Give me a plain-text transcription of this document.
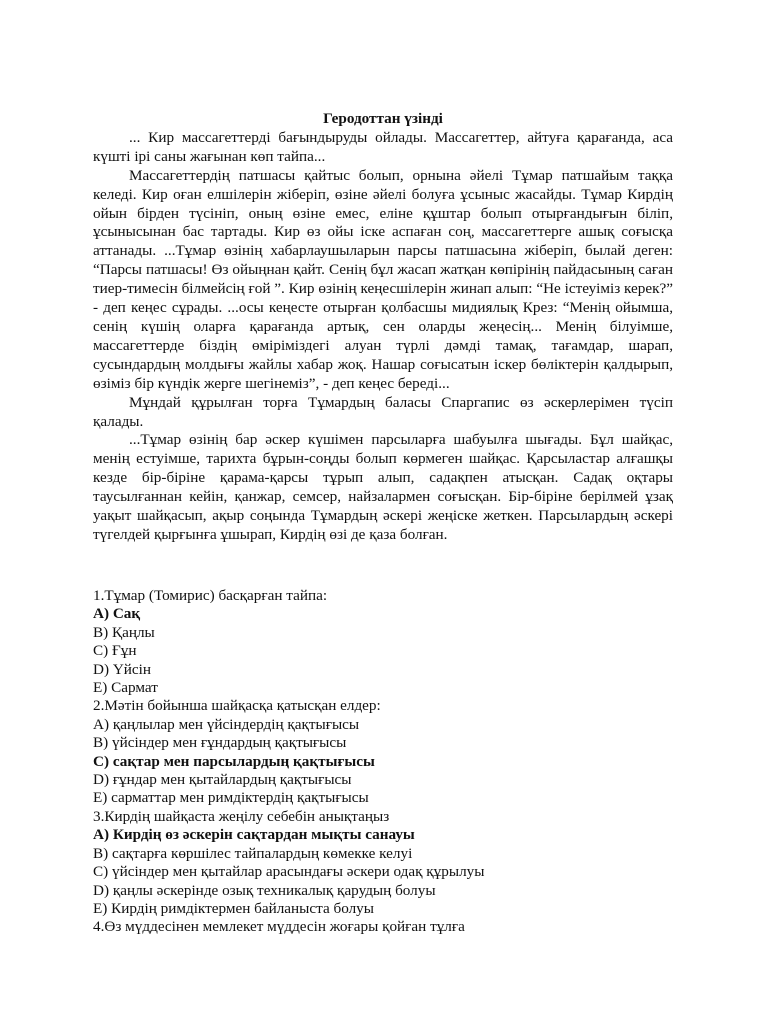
Геродоттан үзінді

... Кир массагеттерді бағындыруды ойлады. Массагеттер, айтуға қарағанда, аса күшті ірі саны жағынан көп тайпа...

Массагеттердің патшасы қайтыс болып, орнына әйелі Тұмар патшайым таққа келеді. Кир оған елшілерін жіберіп, өзіне әйелі болуға ұсыныс жасайды. Тұмар Кирдің ойын бірден түсініп, оның өзіне емес, еліне құштар болып отырғандығын біліп, ұсынысынан бас тартады. Кир өз ойы іске аспаған соң, массагеттерге ашық соғысқа аттанады. ...Тұмар өзінің хабарлаушыларын парсы патшасына жіберіп, былай деген: “Парсы патшасы! Өз ойыңнан қайт. Сенің бұл жасап жатқан көпірінің пайдасының саған тиер-тимесін білмейсің ғой ”. Кир өзінің кеңесшілерін жинап алып: “Не істеуіміз керек?” - деп кеңес сұрады. ...осы кеңесте отырған қолбасшы мидиялық Крез: “Менің ойымша, сенің күшің оларға қарағанда артық, сен оларды жеңесің... Менің білуімше, массагеттерде біздің өміріміздегі алуан түрлі дәмді тамақ, тағамдар, шарап, сусындардың молдығы жайлы хабар жоқ. Нашар соғысатын іскер бөліктерін қалдырып, өзіміз бір күндік жерге шегінеміз”, - деп кеңес береді...

Мұндай құрылған торға Тұмардың баласы Спаргапис өз әскерлерімен түсіп қалады.

...Тұмар өзінің бар әскер күшімен парсыларға шабуылға шығады. Бұл шайқас, менің естуімше, тарихта бұрын-соңды болып көрмеген шайқас. Қарсыластар алғашқы кезде бір-біріне қарама-қарсы тұрып алып, садақпен атысқан. Садақ оқтары таусылғаннан кейін, қанжар, семсер, найзалармен соғысқан. Бір-біріне берілмей ұзақ уақыт шайқасып, ақыр соңында Тұмардың әскері жеңіске жеткен. Парсылардың әскері түгелдей қырғынға ұшырап, Кирдің өзі де қаза болған.

1.Тұмар (Томирис) басқарған тайпа:
A) Сақ
B) Қаңлы
C) Ғұн
D) Үйсін
E) Сармат
2.Мәтін бойынша шайқасқа қатысқан елдер:
A) қаңлылар мен үйсіндердің қақтығысы
B) үйсіндер мен ғұндардың қақтығысы
C) сақтар мен парсылардың қақтығысы
D) ғұндар мен қытайлардың қақтығысы
E) сарматтар мен римдіктердің қақтығысы
3.Кирдің шайқаста жеңілу себебін анықтаңыз
A) Кирдің өз әскерін сақтардан мықты санауы
B) сақтарға көршілес тайпалардың көмекке келуі
C) үйсіндер мен қытайлар арасындағы әскери одақ құрылуы
D) қаңлы әскерінде озық техникалық қарудың болуы
E) Кирдің римдіктермен байланыста болуы
4.Өз мүддесінен мемлекет мүддесін жоғары қойған тұлға
